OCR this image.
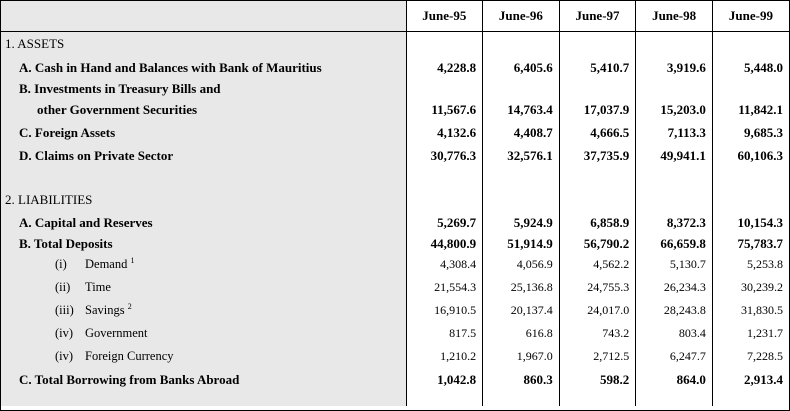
	June-95	June-96	June-97	June-98	June-99
1. ASSETS					
A. Cash in Hand and Balances with Bank of Mauritius	4,228.8	6,405.6	5,410.7	3,919.6	5,448.0
B. Investments in Treasury Bills and					
other Government Securities	11,567.6	14,763.4	17,037.9	15,203.0	11,842.1
C. Foreign Assets	4,132.6	4,408.7	4,666.5	7,113.3	9,685.3
D. Claims on Private Sector	30,776.3	32,576.1	37,735.9	49,941.1	60,106.3

2. LIABILITIES					
A. Capital and Reserves	5,269.7	5,924.9	6,858.9	8,372.3	10,154.3
B. Total Deposits	44,800.9	51,914.9	56,790.2	66,659.8	75,783.7
(i) Demand $^1$	4,308.4	4,056.9	4,562.2	5,130.7	5,253.8
(ii) Time	21,554.3	25,136.8	24,755.3	26,234.3	30,239.2
(iii) Savings $^2$	16,910.5	20,137.4	24,017.0	28,243.8	31,830.5
(iv) Government	817.5	616.8	743.2	803.4	1,231.7
(iv) Foreign Currency	1,210.2	1,967.0	2,712.5	6,247.7	7,228.5
C. Total Borrowing from Banks Abroad	1,042.8	860.3	598.2	864.0	2,913.4
